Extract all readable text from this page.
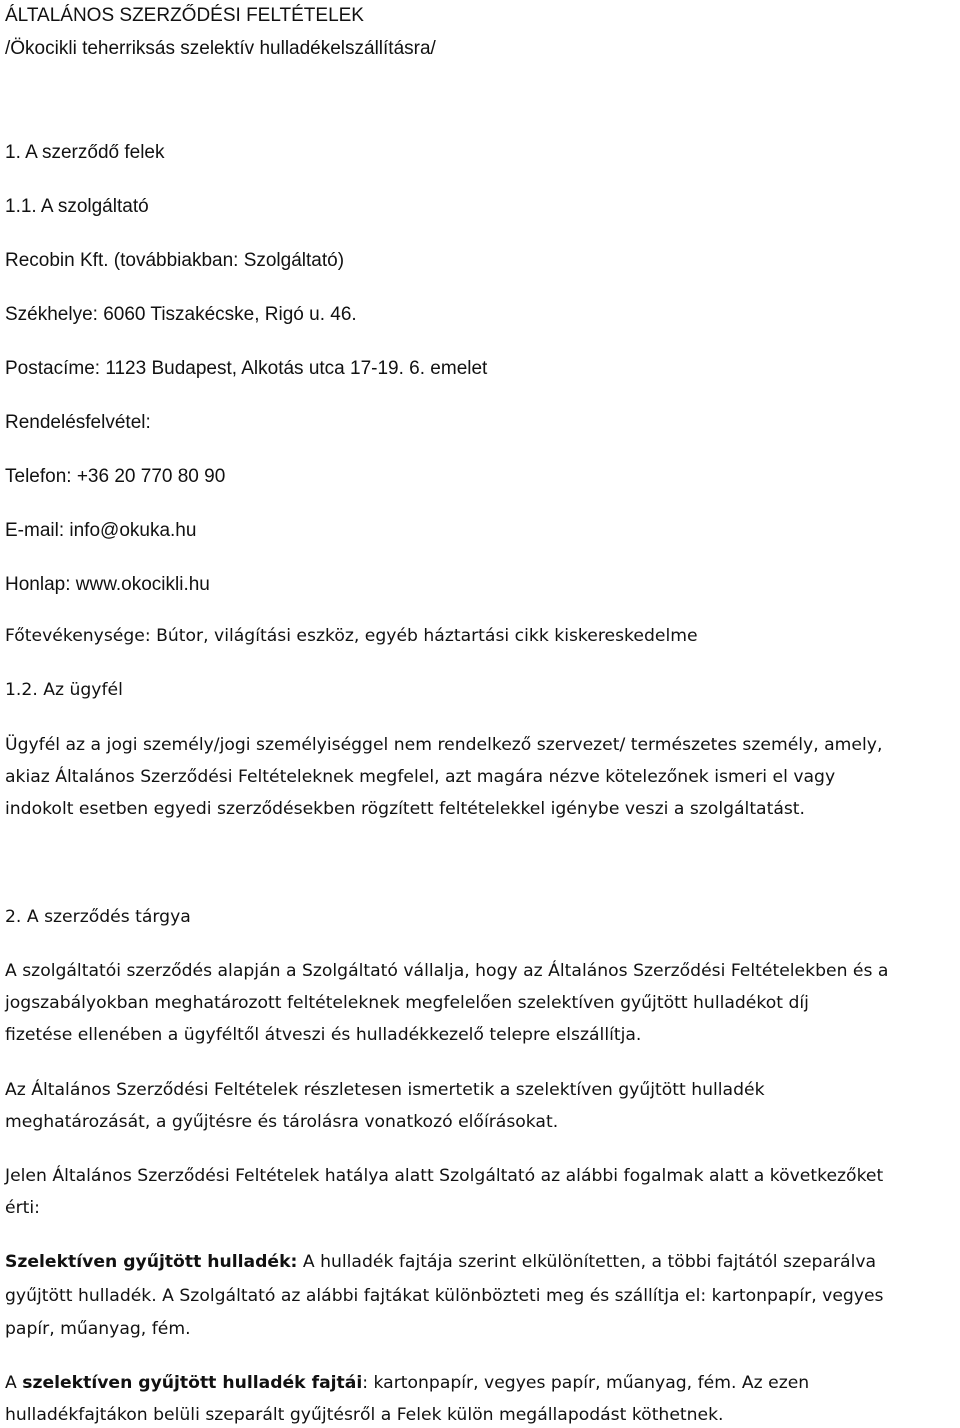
ÁLTALÁNOS SZERZŐDÉSI FELTÉTELEK
/Ökocikli teherriksás szelektív hulladékelszállításra/
1. A szerződő felek
1.1. A szolgáltató
Recobin Kft. (továbbiakban: Szolgáltató)
Székhelye: 6060 Tiszakécske, Rigó u. 46.
Postacíme: 1123 Budapest, Alkotás utca 17-19. 6. emelet
Rendelésfelvétel:
Telefon: +36 20 770 80 90
E-mail: info@okuka.hu
Honlap: www.okocikli.hu
Főtevékenysége: Bútor, világítási eszköz, egyéb háztartási cikk kiskereskedelme
1.2. Az ügyfél
Ügyfél az a jogi személy/jogi személyiséggel nem rendelkező szervezet/ természetes személy, amely,
akiaz Általános Szerződési Feltételeknek megfelel, azt magára nézve kötelezőnek ismeri el vagy
indokolt esetben egyedi szerződésekben rögzített feltételekkel igénybe veszi a szolgáltatást.
2. A szerződés tárgya
A szolgáltatói szerződés alapján a Szolgáltató vállalja, hogy az Általános Szerződési Feltételekben és a
jogszabályokban meghatározott feltételeknek megfelelően szelektíven gyűjtött hulladékot díj
fizetése ellenében a ügyféltől átveszi és hulladékkezelő telepre elszállítja.
Az Általános Szerződési Feltételek részletesen ismertetik a szelektíven gyűjtött hulladék
meghatározását, a gyűjtésre és tárolásra vonatkozó előírásokat.
Jelen Általános Szerződési Feltételek hatálya alatt Szolgáltató az alábbi fogalmak alatt a következőket
érti:
Szelektíven gyűjtött hulladék: A hulladék fajtája szerint elkülönítetten, a többi fajtától szeparálva
gyűjtött hulladék. A Szolgáltató az alábbi fajtákat különbözteti meg és szállítja el: kartonpapír, vegyes
papír, műanyag, fém.
A szelektíven gyűjtött hulladék fajtái: kartonpapír, vegyes papír, műanyag, fém. Az ezen
hulladékfajtákon belüli szeparált gyűjtésről a Felek külön megállapodást köthetnek.
